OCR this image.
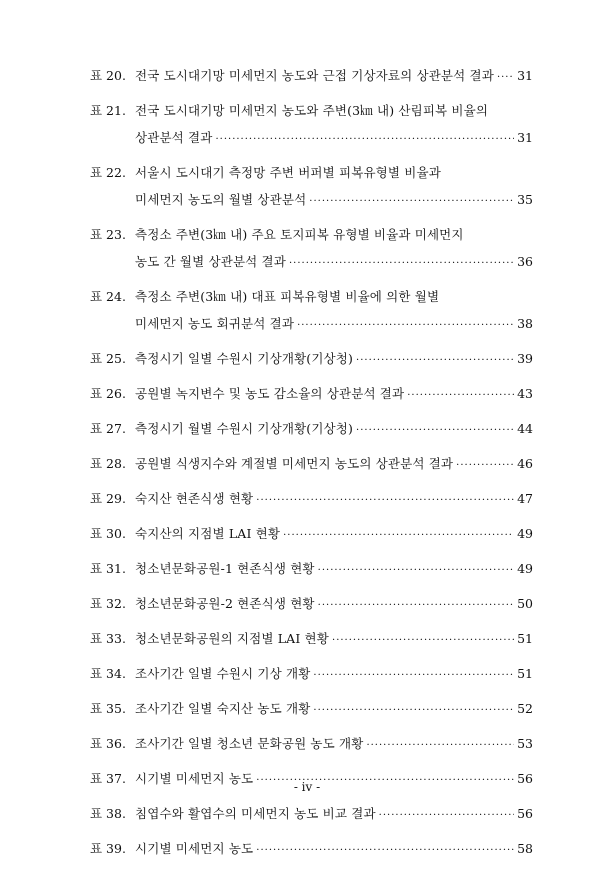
표 20. 전국 도시대기망 미세먼지 농도와 근접 기상자료의 상관분석 결과 ····· 31
표 21. 전국 도시대기망 미세먼지 농도와 주변(3㎞ 내) 산림피복 비율의
상관분석 결과 ·····	31
표 22. 서울시 도시대기 측정망 주변 버퍼별 피복유형별 비율과
미세먼지 농도의 월별 상관분석 ·····	35
표 23. 측정소 주변(3㎞ 내) 주요 토지피복 유형별 비율과 미세먼지
농도 간 월별 상관분석 결과 ·····	36
표 24. 측정소 주변(3㎞ 내) 대표 피복유형별 비율에 의한 월별
미세먼지 농도 회귀분석 결과 ·····	38
표 25. 측정시기 일별 수원시 기상개황(기상청) ·····	39
표 26. 공원별 녹지변수 및 농도 감소율의 상관분석 결과 ·····	43
표 27. 측정시기 월별 수원시 기상개황(기상청) ·····	44
표 28. 공원별 식생지수와 계절별 미세먼지 농도의 상관분석 결과 ·····	46
표 29. 숙지산 현존식생 현황 ·····	47
표 30. 숙지산의 지점별 LAI 현황 ·····	49
표 31. 청소년문화공원-1 현존식생 현황 ·····	49
표 32. 청소년문화공원-2 현존식생 현황 ·····	50
표 33. 청소년문화공원의 지점별 LAI 현황 ·····	51
표 34. 조사기간 일별 수원시 기상 개황 ·····	51
표 35. 조사기간 일별 숙지산 농도 개황 ·····	52
표 36. 조사기간 일별 청소년 문화공원 농도 개황 ·····	53
표 37. 시기별 미세먼지 농도 ·····	56
표 38. 침엽수와 활엽수의 미세먼지 농도 비교 결과 ·····	56
표 39. 시기별 미세먼지 농도 ·····	58
- iv -
